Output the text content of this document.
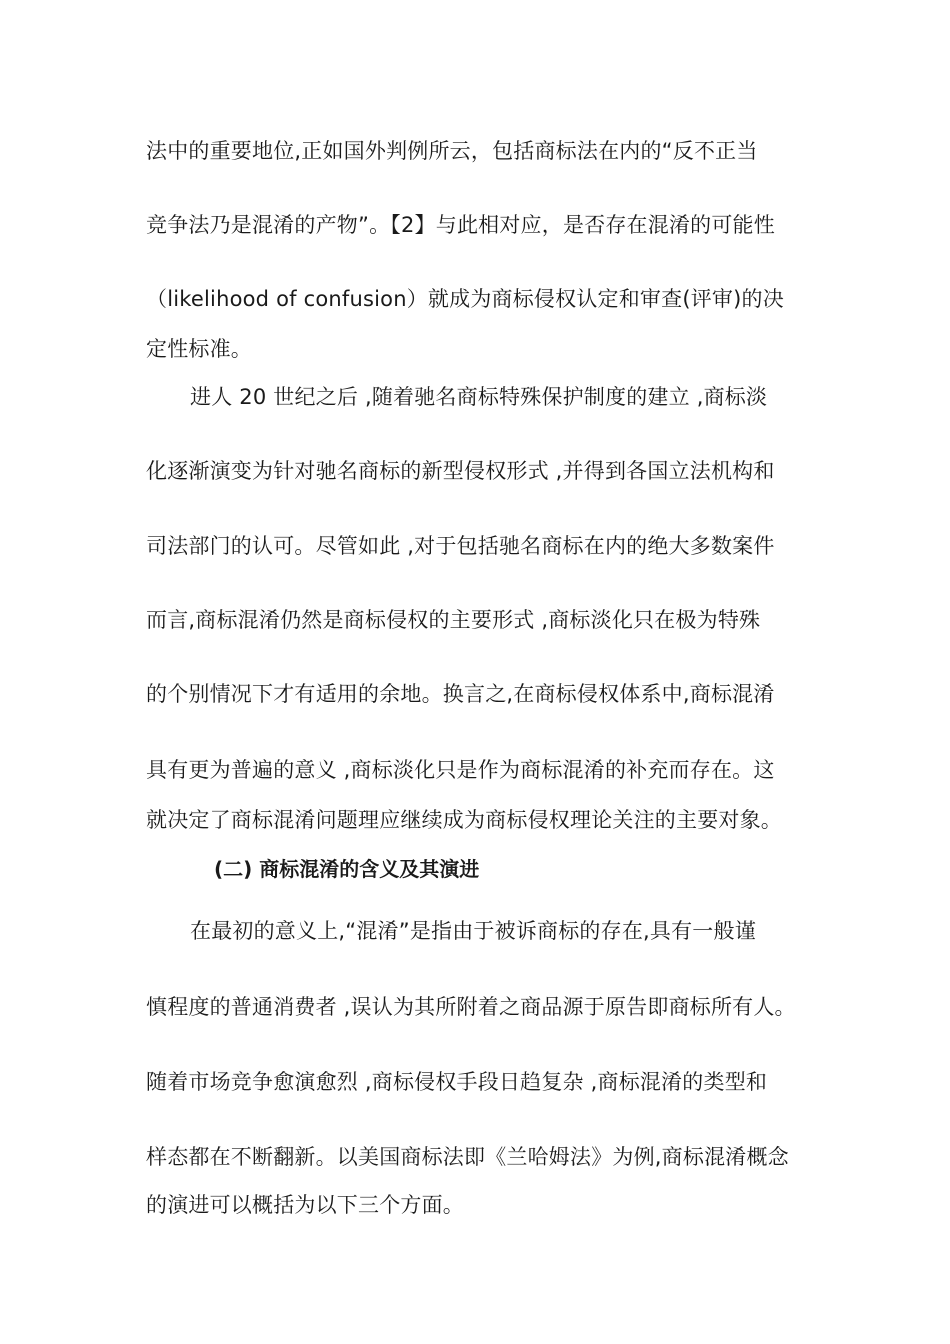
法中的重要地位,正如国外判例所云，包括商标法在内的“反不正当
竞争法乃是混淆的产物”。【2】与此相对应，是否存在混淆的可能性
（likelihood of confusion）就成为商标侵权认定和审查(评审)的决
定性标准。
进人 20 世纪之后 ,随着驰名商标特殊保护制度的建立 ,商标淡
化逐渐演变为针对驰名商标的新型侵权形式 ,并得到各国立法机构和
司法部门的认可。尽管如此 ,对于包括驰名商标在内的绝大多数案件
而言,商标混淆仍然是商标侵权的主要形式 ,商标淡化只在极为特殊
的个别情况下才有适用的余地。换言之,在商标侵权体系中,商标混淆
具有更为普遍的意义 ,商标淡化只是作为商标混淆的补充而存在。这
就决定了商标混淆问题理应继续成为商标侵权理论关注的主要对象。
(二) 商标混淆的含义及其演进
在最初的意义上,“混淆”是指由于被诉商标的存在,具有一般谨
慎程度的普通消费者 ,误认为其所附着之商品源于原告即商标所有人。
随着市场竞争愈演愈烈 ,商标侵权手段日趋复杂 ,商标混淆的类型和
样态都在不断翻新。以美国商标法即《兰哈姆法》为例,商标混淆概念
的演进可以概括为以下三个方面。
